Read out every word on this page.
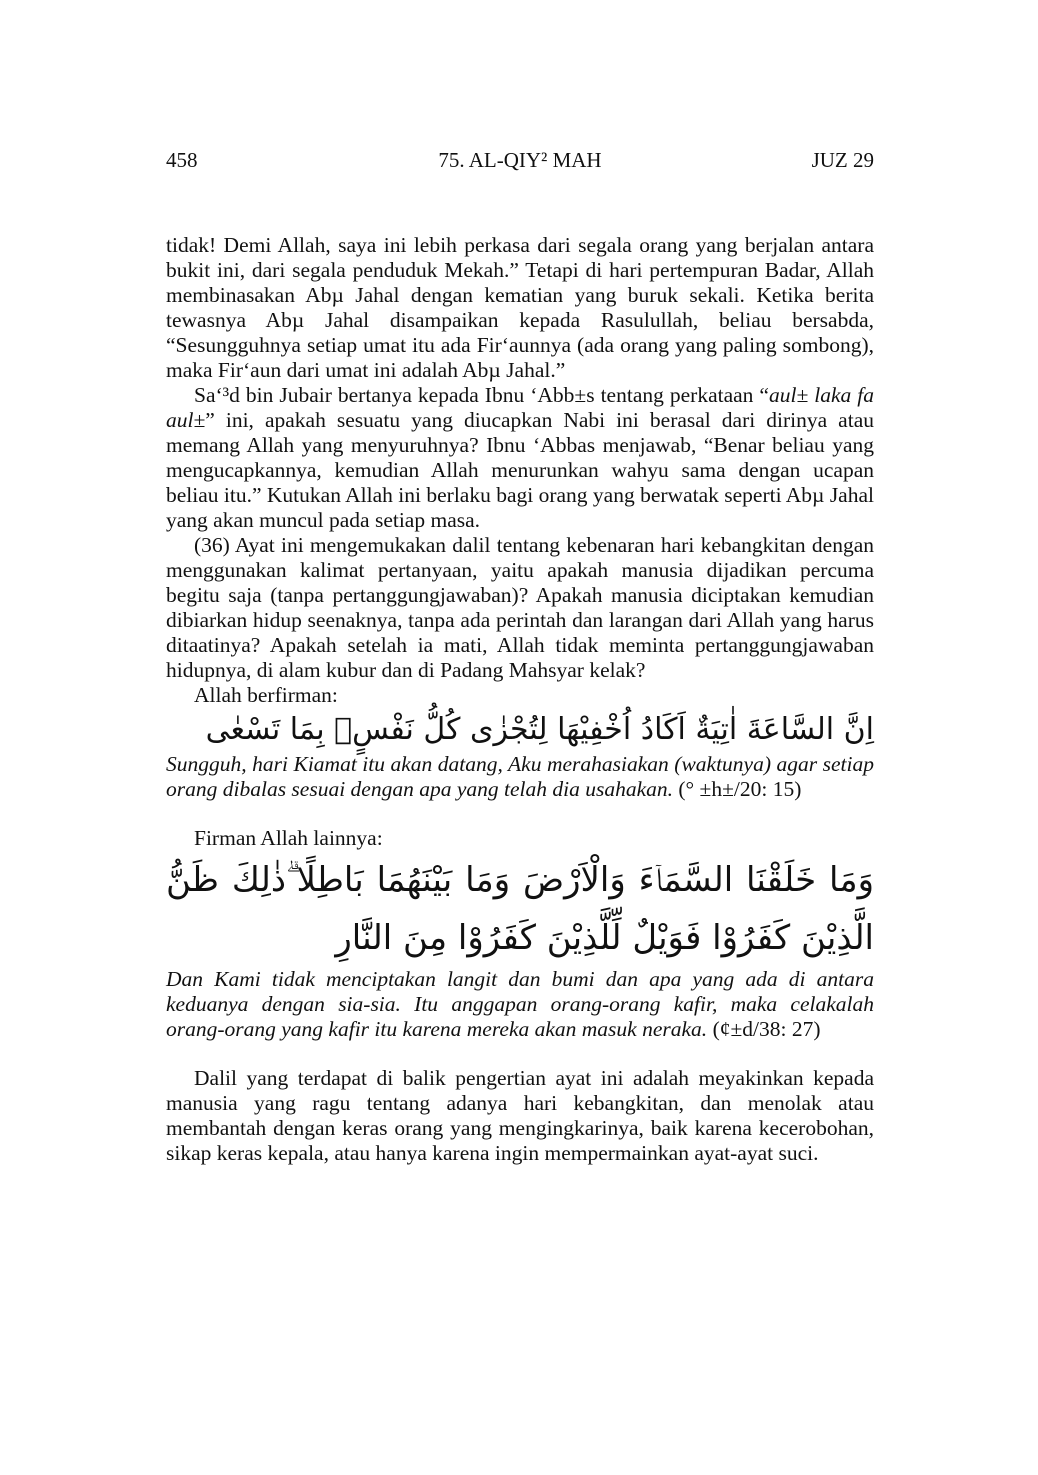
458	75. AL-QIY² MAH	JUZ 29

tidak! Demi Allah, saya ini lebih perkasa dari segala orang yang berjalan antara bukit ini, dari segala penduduk Mekah.” Tetapi di hari pertempuran Badar, Allah membinasakan Abµ Jahal dengan kematian yang buruk sekali. Ketika berita tewasnya Abµ Jahal disampaikan kepada Rasulullah, beliau bersabda, “Sesungguhnya setiap umat itu ada Fir‘aunnya (ada orang yang paling sombong), maka Fir‘aun dari umat ini adalah Abµ Jahal.”

Sa‘³d bin Jubair bertanya kepada Ibnu ‘Abb±s tentang perkataan “aul± laka fa aul±” ini, apakah sesuatu yang diucapkan Nabi ini berasal dari dirinya atau memang Allah yang menyuruhnya? Ibnu ‘Abbas menjawab, “Benar beliau yang mengucapkannya, kemudian Allah menurunkan wahyu sama dengan ucapan beliau itu.” Kutukan Allah ini berlaku bagi orang yang berwatak seperti Abµ Jahal yang akan muncul pada setiap masa.

(36) Ayat ini mengemukakan dalil tentang kebenaran hari kebangkitan dengan menggunakan kalimat pertanyaan, yaitu apakah manusia dijadikan percuma begitu saja (tanpa pertanggungjawaban)? Apakah manusia diciptakan kemudian dibiarkan hidup seenaknya, tanpa ada perintah dan larangan dari Allah yang harus ditaatinya? Apakah setelah ia mati, Allah tidak meminta pertanggungjawaban hidupnya, di alam kubur dan di Padang Mahsyar kelak?

Allah berfirman:

اِنَّ السَّاعَةَ اٰتِيَةٌ اَكَادُ اُخْفِيْهَا لِتُجْزٰى كُلُّ نَفْسٍۢ بِمَا تَسْعٰى

Sungguh, hari Kiamat itu akan datang, Aku merahasiakan (waktunya) agar setiap orang dibalas sesuai dengan apa yang telah dia usahakan. (° ±h±/20: 15)

Firman Allah lainnya:

وَمَا خَلَقْنَا السَّمَاۤءَ وَالْاَرْضَ وَمَا بَيْنَهُمَا بَاطِلًا ۗذٰلِكَ ظَنُّ الَّذِيْنَ كَفَرُوْا فَوَيْلٌ لِّلَّذِيْنَ كَفَرُوْا مِنَ النَّارِ

Dan Kami tidak menciptakan langit dan bumi dan apa yang ada di antara keduanya dengan sia-sia. Itu anggapan orang-orang kafir, maka celakalah orang-orang yang kafir itu karena mereka akan masuk neraka. (¢±d/38: 27)

Dalil yang terdapat di balik pengertian ayat ini adalah meyakinkan kepada manusia yang ragu tentang adanya hari kebangkitan, dan menolak atau membantah dengan keras orang yang mengingkarinya, baik karena kecerobohan, sikap keras kepala, atau hanya karena ingin mempermainkan ayat-ayat suci.
